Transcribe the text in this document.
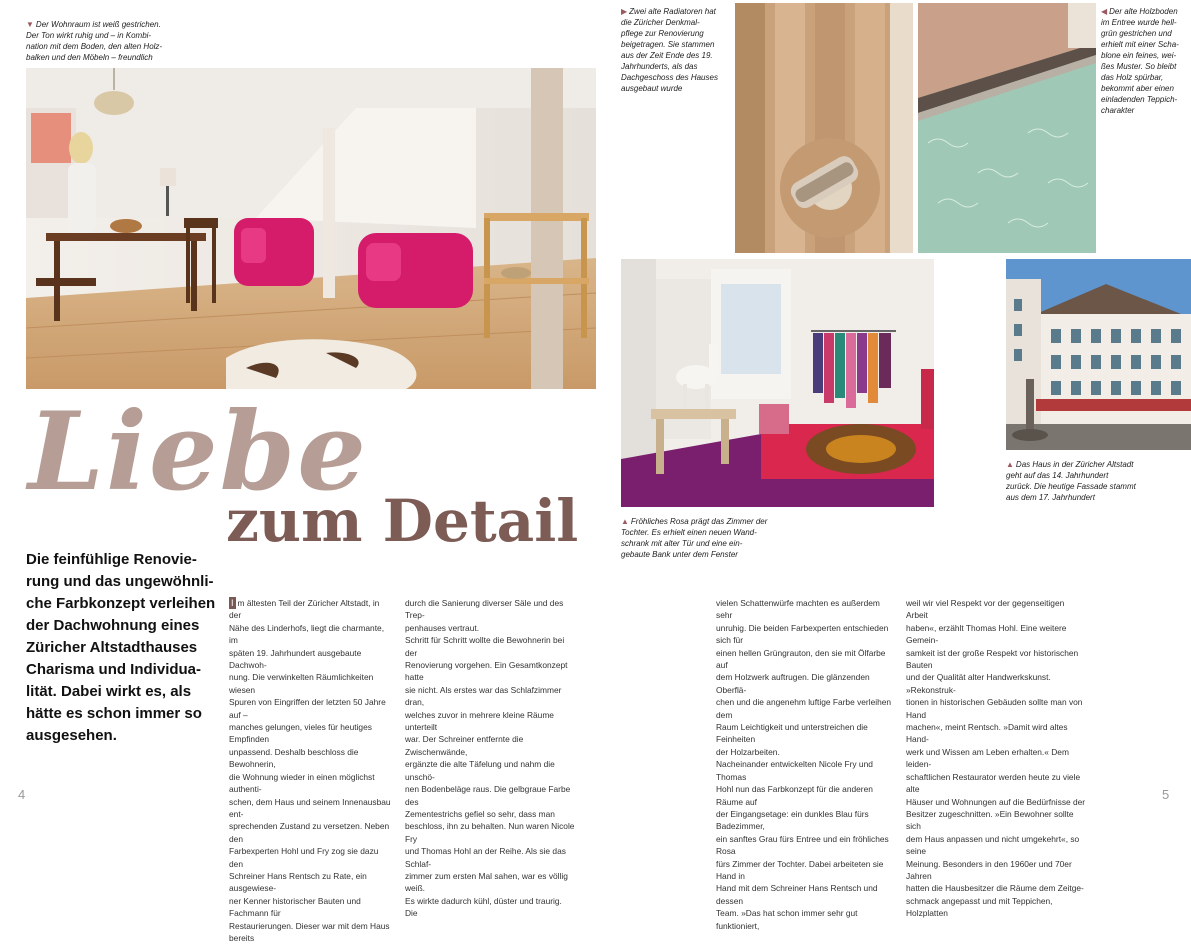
▼ Der Wohnraum ist weiß gestrichen.
Der Ton wirkt ruhig und – in Kombi-
nation mit dem Boden, den alten Holz-
balken und den Möbeln – freundlich
Liebe
zum Detail
Die feinfühlige Renovie-
rung und das ungewöhnli-
che Farbkonzept verleihen
der Dachwohnung eines
Züricher Altstadthauses
Charisma und Individua-
lität. Dabei wirkt es, als
hätte es schon immer so
ausgesehen.
I m ältesten Teil der Züricher Altstadt, in der
Nähe des Linderhofs, liegt die charmante, im
späten 19. Jahrhundert ausgebaute Dachwoh-
nung. Die verwinkelten Räumlichkeiten wiesen
Spuren von Eingriffen der letzten 50 Jahre auf –
manches gelungen, vieles für heutiges Empfinden
unpassend. Deshalb beschloss die Bewohnerin,
die Wohnung wieder in einen möglichst authenti-
schen, dem Haus und seinem Innenausbau ent-
sprechenden Zustand zu versetzen. Neben den
Farbexperten Hohl und Fry zog sie dazu den
Schreiner Hans Rentsch zu Rate, ein ausgewiese-
ner Kenner historischer Bauten und Fachmann für
Restaurierungen. Dieser war mit dem Haus bereits
durch die Sanierung diverser Säle und des Trep-
penhauses vertraut.
Schritt für Schritt wollte die Bewohnerin bei der
Renovierung vorgehen. Ein Gesamtkonzept hatte
sie nicht. Als erstes war das Schlafzimmer dran,
welches zuvor in mehrere kleine Räume unterteilt
war. Der Schreiner entfernte die Zwischenwände,
ergänzte die alte Täfelung und nahm die unschö-
nen Bodenbeläge raus. Die gelbgraue Farbe des
Zementestrichs gefiel so sehr, dass man
beschloss, ihn zu behalten. Nun waren Nicole Fry
und Thomas Hohl an der Reihe. Als sie das Schlaf-
zimmer zum ersten Mal sahen, war es völlig weiß.
Es wirkte dadurch kühl, düster und traurig. Die
4
▶ Zwei alte Radiatoren hat
die Züricher Denkmal-
pflege zur Renovierung
beigetragen. Sie stammen
aus der Zeit Ende des 19.
Jahrhunderts, als das
Dachgeschoss des Hauses
ausgebaut wurde
◀ Der alte Holzboden
im Entree wurde hell-
grün gestrichen und
erhielt mit einer Scha-
blone ein feines, wei-
ßes Muster. So bleibt
das Holz spürbar,
bekommt aber einen
einladenden Teppich-
charakter
▲ Fröhliches Rosa prägt das Zimmer der
Tochter. Es erhielt einen neuen Wand-
schrank mit alter Tür und eine ein-
gebaute Bank unter dem Fenster
▲ Das Haus in der Züricher Altstadt
geht auf das 14. Jahrhundert
zurück. Die heutige Fassade stammt
aus dem 17. Jahrhundert
vielen Schattenwürfe machten es außerdem sehr
unruhig. Die beiden Farbexperten entschieden sich für
einen hellen Grüngrauton, den sie mit Ölfarbe auf
dem Holzwerk auftrugen. Die glänzenden Oberflä-
chen und die angenehm luftige Farbe verleihen dem
Raum Leichtigkeit und unterstreichen die Feinheiten
der Holzarbeiten.
Nacheinander entwickelten Nicole Fry und Thomas
Hohl nun das Farbkonzept für die anderen Räume auf
der Eingangsetage: ein dunkles Blau fürs Badezimmer,
ein sanftes Grau fürs Entree und ein fröhliches Rosa
fürs Zimmer der Tochter. Dabei arbeiteten sie Hand in
Hand mit dem Schreiner Hans Rentsch und dessen
Team. »Das hat schon immer sehr gut funktioniert,
weil wir viel Respekt vor der gegenseitigen Arbeit
haben«, erzählt Thomas Hohl. Eine weitere Gemein-
samkeit ist der große Respekt vor historischen Bauten
und der Qualität alter Handwerkskunst. »Rekonstruk-
tionen in historischen Gebäuden sollte man von Hand
machen«, meint Rentsch. »Damit wird altes Hand-
werk und Wissen am Leben erhalten.« Dem leiden-
schaftlichen Restaurator werden heute zu viele alte
Häuser und Wohnungen auf die Bedürfnisse der
Besitzer zugeschnitten. »Ein Bewohner sollte sich
dem Haus anpassen und nicht umgekehrt«, so seine
Meinung. Besonders in den 1960er und 70er Jahren
hatten die Hausbesitzer die Räume dem Zeitge-
schmack angepasst und mit Teppichen, Holzplatten
5
